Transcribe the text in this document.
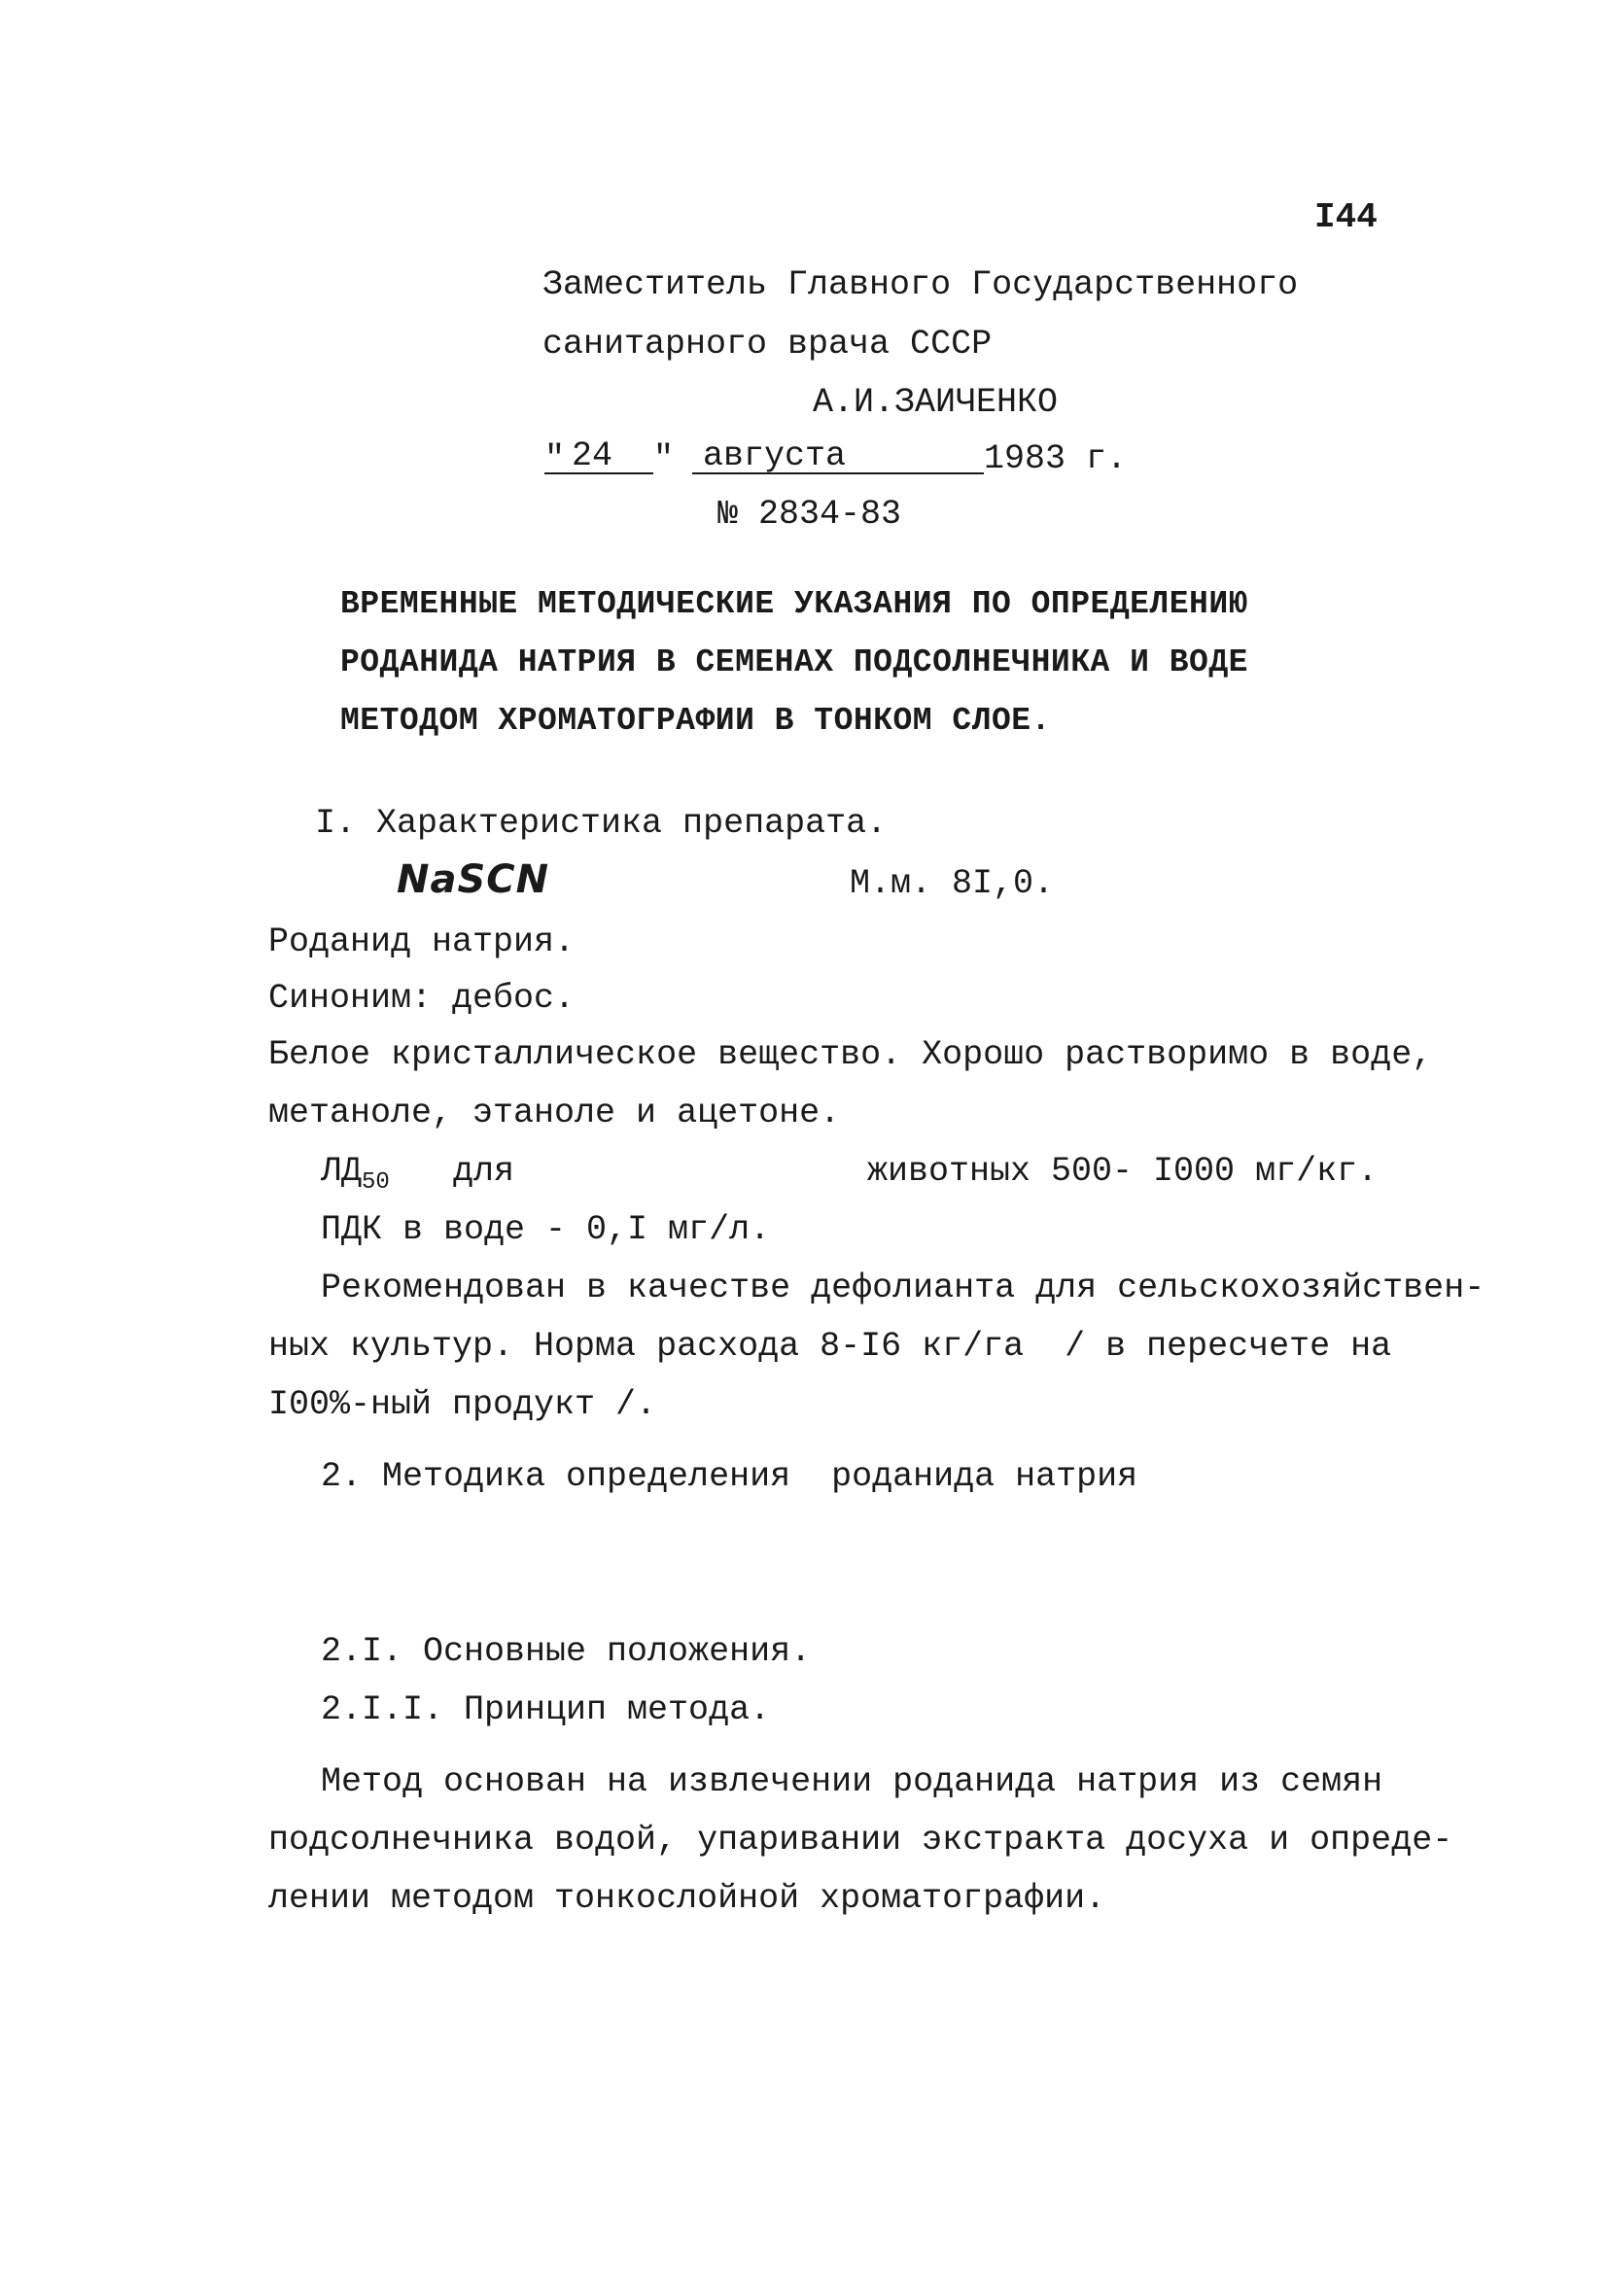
I44
Заместитель Главного Государственного
санитарного врача СССР
А.И.ЗАИЧЕНКО
" 24 " августа	1983 г.
№ 2834-83
ВРЕМЕННЫЕ МЕТОДИЧЕСКИЕ УКАЗАНИЯ ПО ОПРЕДЕЛЕНИЮ
РОДАНИДА НАТРИЯ В СЕМЕНАХ ПОДСОЛНЕЧНИКА И ВОДЕ
МЕТОДОМ ХРОМАТОГРАФИИ В ТОНКОМ СЛОЕ.
I. Характеристика препарата.
NaSCN	М.м. 8I,0.
Роданид натрия.
Синоним: дебос.
Белое кристаллическое вещество. Хорошо растворимо в воде,
метаноле, этаноле и ацетоне.
$ЛД_{50}$ для	животных 500- I000 мг/кг.
ПДК в воде - 0,I мг/л.
Рекомендован в качестве дефолианта для сельскохозяйствен-
ных культур. Норма расхода 8-I6 кг/га  / в пересчете на
I00%-ный продукт /.
2. Методика определения  роданида натрия
2.I. Основные положения.
2.I.I. Принцип метода.
Метод основан на извлечении роданида натрия из семян
подсолнечника водой, упаривании экстракта досуха и опреде-
лении методом тонкослойной хроматографии.
